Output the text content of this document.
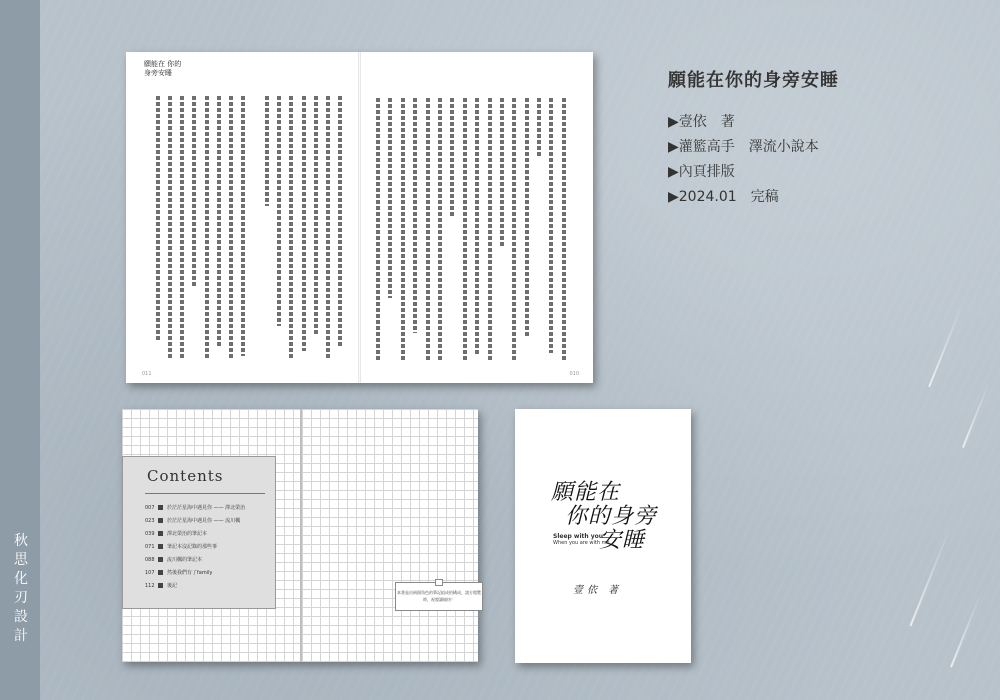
秋思化刃 設計
願能在 你的身旁安睡
011	010
Contents
007	於茫茫星海中遇見你 —— 澤北榮治
023	於茫茫星海中遇見你 —— 流川楓
039	澤北榮治的筆記本
071	筆記本沒記錄的那些事
088	流川楓的筆記本
107	然後我們有了family
112	後記
本書是由兩個角色的筆記組成的構成，請方閱覽時，祝閱讀愉快！
願能在
你的身旁
安睡
Sleep with you
When you are with me
壹依 著
願能在你的身旁安睡
▶壹依　著
▶灌籃高手　澤流小說本
▶內頁排版
▶2024.01　完稿
